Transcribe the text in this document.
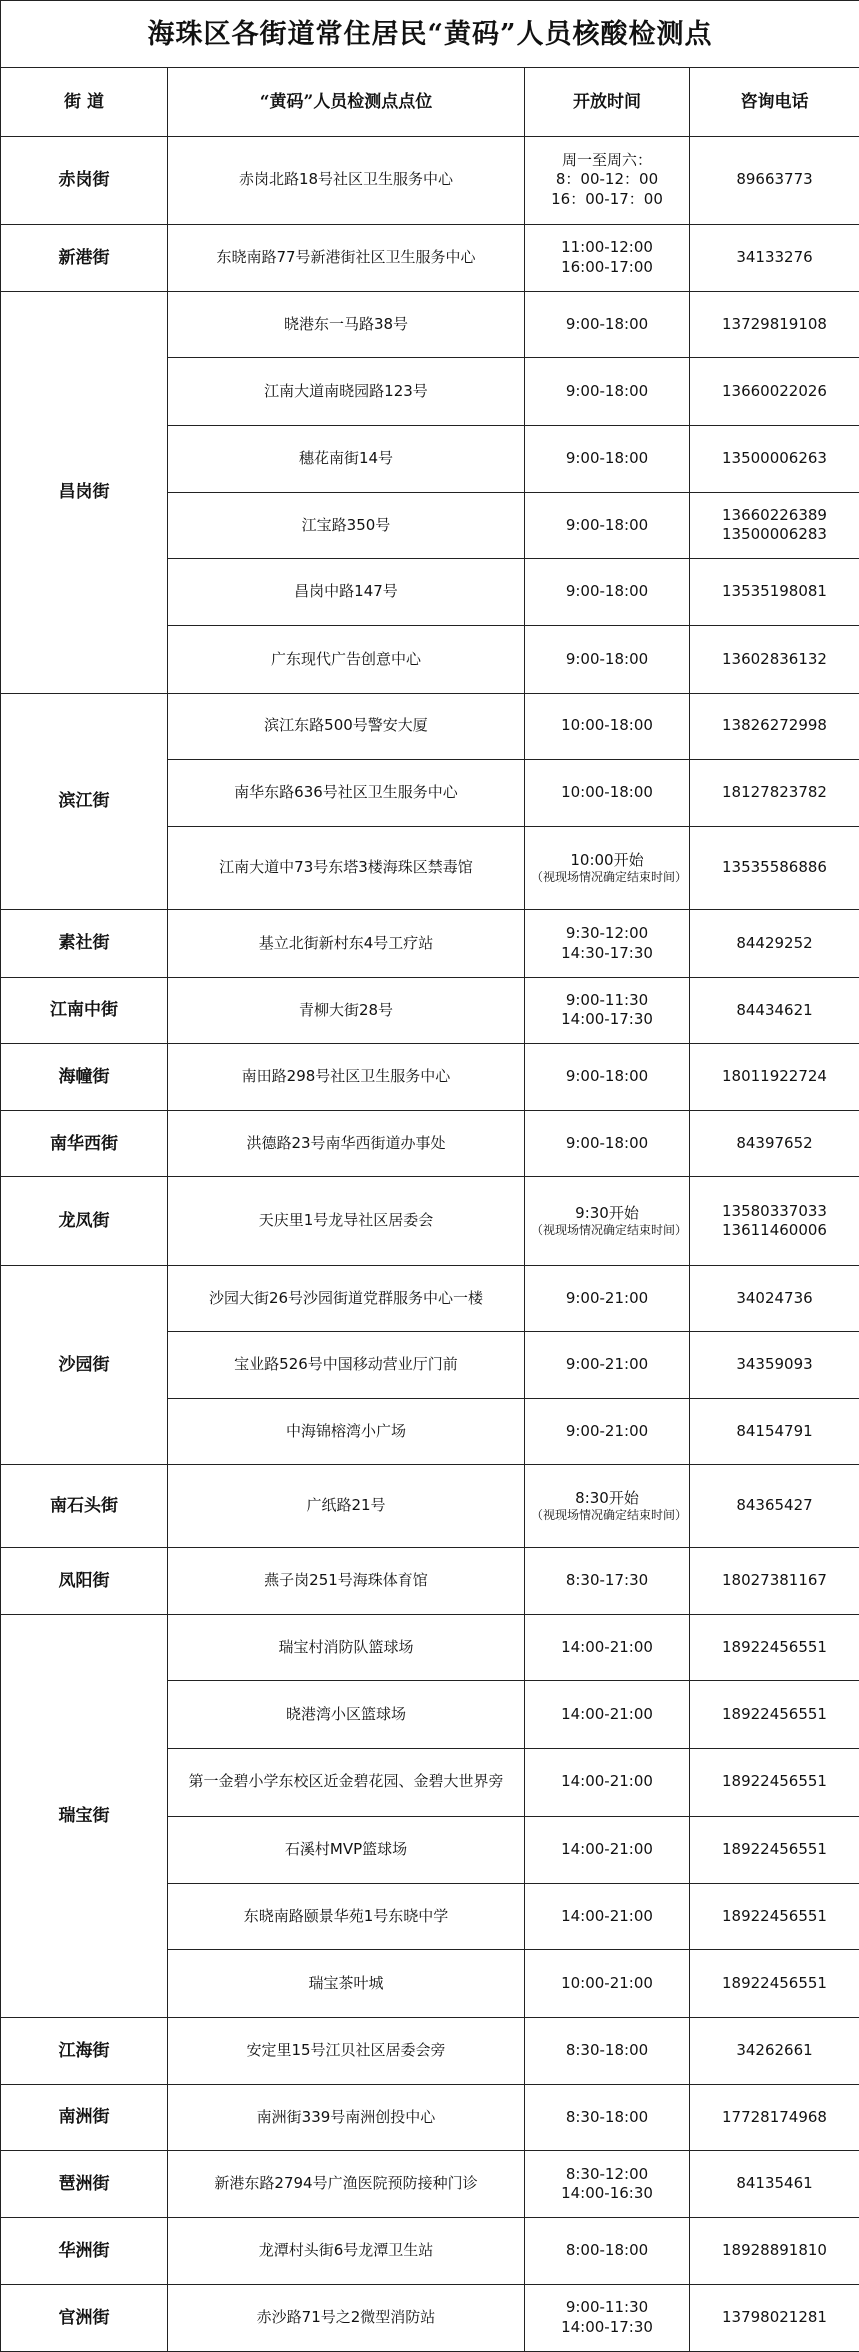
海珠区各街道常住居民“黄码”人员核酸检测点			
街 道	“黄码”人员检测点点位	开放时间	咨询电话
赤岗街	赤岗北路18号社区卫生服务中心	周一至周六：
8：00-12：00
16：00-17：00	89663773

新港街	东晓南路77号新港街社区卫生服务中心	11:00-12:00
16:00-17:00	34133276

昌岗街	晓港东一马路38号	9:00-18:00	13729819108

	江南大道南晓园路123号	9:00-18:00	13660022026

	穗花南街14号	9:00-18:00	13500006263

	江宝路350号	9:00-18:00	13660226389
13500006283

	昌岗中路147号	9:00-18:00	13535198081

	广东现代广告创意中心	9:00-18:00	13602836132

滨江街	滨江东路500号警安大厦	10:00-18:00	13826272998

	南华东路636号社区卫生服务中心	10:00-18:00	18127823782

	江南大道中73号东塔3楼海珠区禁毒馆	10:00开始
（视现场情况确定结束时间）	13535586886

素社街	基立北街新村东4号工疗站	9:30-12:00
14:30-17:30	84429252

江南中街	青柳大街28号	9:00-11:30
14:00-17:30	84434621

海幢街	南田路298号社区卫生服务中心	9:00-18:00	18011922724

南华西街	洪德路23号南华西街道办事处	9:00-18:00	84397652

龙凤街	天庆里1号龙导社区居委会	9:30开始
（视现场情况确定结束时间）	13580337033
13611460006

沙园街	沙园大街26号沙园街道党群服务中心一楼	9:00-21:00	34024736

	宝业路526号中国移动营业厅门前	9:00-21:00	34359093

	中海锦榕湾小广场	9:00-21:00	84154791

南石头街	广纸路21号	8:30开始
（视现场情况确定结束时间）	84365427

凤阳街	燕子岗251号海珠体育馆	8:30-17:30	18027381167

瑞宝街	瑞宝村消防队篮球场	14:00-21:00	18922456551

	晓港湾小区篮球场	14:00-21:00	18922456551

	第一金碧小学东校区近金碧花园、金碧大世界旁	14:00-21:00	18922456551

	石溪村MVP篮球场	14:00-21:00	18922456551

	东晓南路颐景华苑1号东晓中学	14:00-21:00	18922456551

	瑞宝茶叶城	10:00-21:00	18922456551

江海街	安定里15号江贝社区居委会旁	8:30-18:00	34262661

南洲街	南洲街339号南洲创投中心	8:30-18:00	17728174968

琶洲街	新港东路2794号广渔医院预防接种门诊	8:30-12:00
14:00-16:30	84135461

华洲街	龙潭村头街6号龙潭卫生站	8:00-18:00	18928891810

官洲街	赤沙路71号之2微型消防站	9:00-11:30
14:00-17:30	13798021281
